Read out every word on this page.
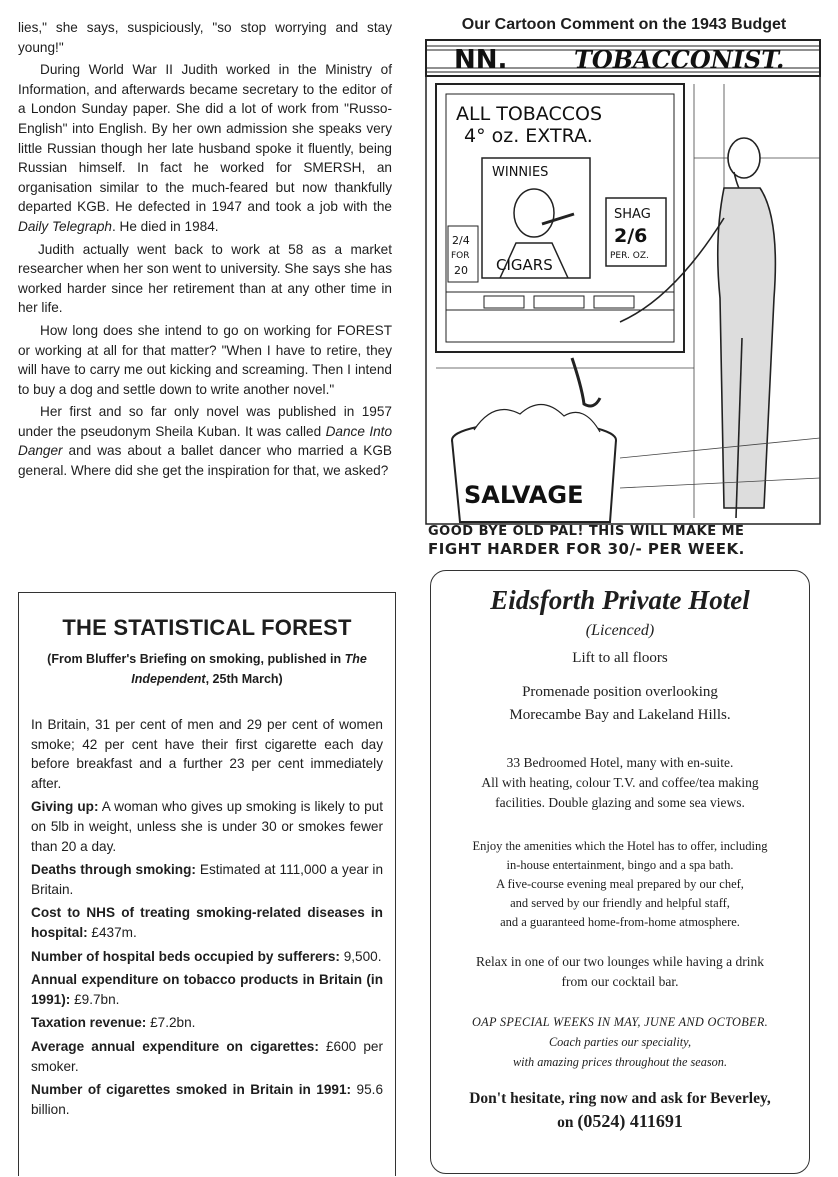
lies," she says, suspiciously, "so stop worrying and stay young!"

During World War II Judith worked in the Ministry of Information, and afterwards became secretary to the editor of a London Sunday paper. She did a lot of work from "Russo-English" into English. By her own admission she speaks very little Russian though her late husband spoke it fluently, being Russian himself. In fact he worked for SMERSH, an organisation similar to the much-feared but now thankfully departed KGB. He defected in 1947 and took a job with the Daily Telegraph. He died in 1984.

Judith actually went back to work at 58 as a market researcher when her son went to university. She says she has worked harder since her retirement than at any other time in her life.

How long does she intend to go on working for FOREST or working at all for that matter? "When I have to retire, they will have to carry me out kicking and screaming. Then I intend to buy a dog and settle down to write another novel."

Her first and so far only novel was published in 1957 under the pseudonym Sheila Kuban. It was called Dance Into Danger and was about a ballet dancer who married a KGB general. Where did she get the inspiration for that, we asked?

THE STATISTICAL FOREST
(From Bluffer's Briefing on smoking, published in The Independent, 25th March)

In Britain, 31 per cent of men and 29 per cent of women smoke; 42 per cent have their first cigarette each day before breakfast and a further 23 per cent immediately after.

Giving up: A woman who gives up smoking is likely to put on 5lb in weight, unless she is under 30 or smokes fewer than 20 a day.

Deaths through smoking: Estimated at 111,000 a year in Britain.

Cost to NHS of treating smoking-related diseases in hospital: £437m.

Number of hospital beds occupied by sufferers: 9,500.

Annual expenditure on tobacco products in Britain (in 1991): £9.7bn.

Taxation revenue: £7.2bn.

Average annual expenditure on cigarettes: £600 per smoker.

Number of cigarettes smoked in Britain in 1991: 95.6 billion.

Our Cartoon Comment on the 1943 Budget
NN.	TOBACCONIST.
ALL TOBACCOS
4° oz. EXTRA.
WINNIES
CIGARS
2/4
FOR
20
SHAG
2/6
PER. OZ.
SALVAGE
GOOD BYE OLD PAL! THIS WILL MAKE ME
FIGHT HARDER FOR 30/- PER WEEK.
Eidsforth Private Hotel
(Licenced)
Lift to all floors
Promenade position overlooking
Morecambe Bay and Lakeland Hills.
33 Bedroomed Hotel, many with en-suite.
All with heating, colour T.V. and coffee/tea making
facilities. Double glazing and some sea views.
Enjoy the amenities which the Hotel has to offer, including
in-house entertainment, bingo and a spa bath.
A five-course evening meal prepared by our chef,
and served by our friendly and helpful staff,
and a guaranteed home-from-home atmosphere.
Relax in one of our two lounges while having a drink
from our cocktail bar.
OAP SPECIAL WEEKS IN MAY, JUNE AND OCTOBER.
Coach parties our speciality,
with amazing prices throughout the season.
Don't hesitate, ring now and ask for Beverley,
on (0524) 411691
